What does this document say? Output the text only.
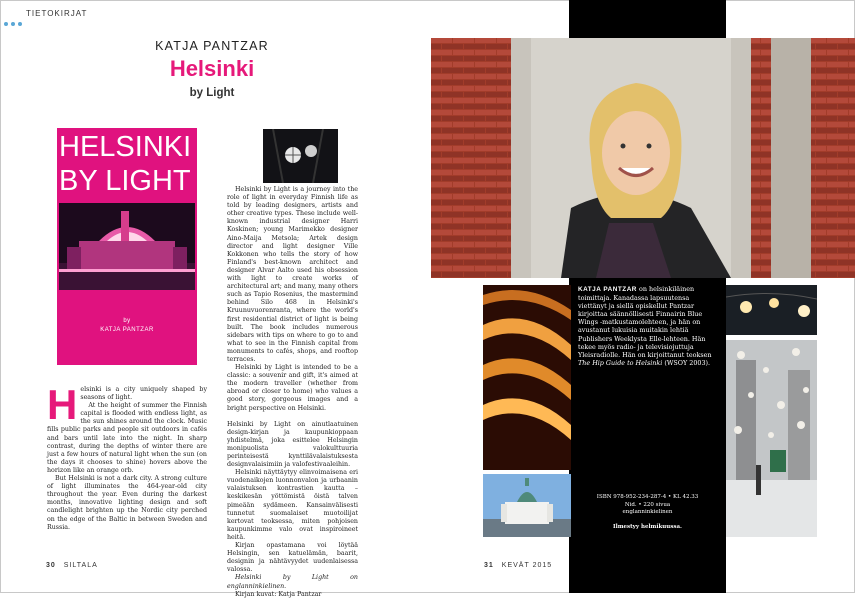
TIETOKIRJAT
KATJA PANTZAR
Helsinki
by Light
HELSINKI
BY LIGHT
by
KATJA PANTZAR

Helsinki is a city uniquely shaped by seasons of light.

At the height of summer the Finnish capital is flooded with endless light, as the sun shines around the clock. Music fills public parks and people sit outdoors in cafés and bars until late into the night. In sharp contrast, during the depths of winter there are just a few hours of natural light when the sun (on the days it chooses to shine) hovers above the horizon like an orange orb.

But Helsinki is not a dark city. A strong culture of light illuminates the 464-year-old city throughout the year. Even during the darkest months, innovative lighting design and soft candlelight brighten up the Nordic city perched on the edge of the Baltic in between Sweden and Russia.

Helsinki by Light is a journey into the role of light in everyday Finnish life as told by leading designers, artists and other creative types. These include well-known industrial designer Harri Koskinen; young Marimekko designer Aino-Maija Metsola; Artek design director and light designer Ville Kokkonen who tells the story of how Finland's best-known architect and designer Alvar Aalto used his obsession with light to create works of architectural art; and many, many others such as Tapio Rosenius, the mastermind behind Silo 468 in Helsinki's Kruunuvuorenranta, where the world's first residential district of light is being built. The book includes numerous sidebars with tips on where to go to and what to see in the Finnish capital from monuments to cafés, shops, and rooftop terraces.

Helsinki by Light is intended to be a classic: a souvenir and gift, it's aimed at the modern traveller (whether from abroad or closer to home) who values a good story, gorgeous images and a bright perspective on Helsinki.

Helsinki by Light on ainutlaatuinen design-kirjan ja kaupunkioppaan yhdistelmä, joka esittelee Helsingin monipuolista valokulttuuria perinteisestä kynttilävalaistuksesta designvalaisimiin ja valofestivaaleihin.

Helsinki näyttäytyy elinvoimaisena eri vuodenaikojen luonnonvalon ja urbaanin valaistuksen kontrastien kautta – keskikesän yöttömistä öistä talven pimeään sydämeen. Kansainvälisesti tunnetut suomalaiset muotoilijat kertovat teoksessa, miten pohjoisen kaupunkimme valo ovat inspiroineet heitä.

Kirjan opastamana voi löytää Helsingin, sen katuelämän, baarit, designin ja nähtävyydet uudenlaisessa valossa.

Helsinki by Light on englanninkielinen.

Kirjan kuvat: Katja Pantzar

30 SILTALA	31 KEVÄT 2015
KATJA PANTZAR on helsinkiläinen toimittaja. Kanadassa lapsuutensa viettänyt ja siellä opiskellut Pantzar kirjoittaa säännöllisesti Finnairin Blue Wings -matkustamolehteen, ja hän on avustanut lukuisia muitakin lehtiä Publishers Weeklysta Elle-lehteen. Hän tekee myös radio- ja televisiojuttuja Yleisradiolle. Hän on kirjoittanut teoksen The Hip Guide to Helsinki (WSOY 2003).
ISBN 978-952-234-287-4 • KL 42.33
Nid. • 220 sivua
englanninkielinen
Ilmestyy helmikuussa.
